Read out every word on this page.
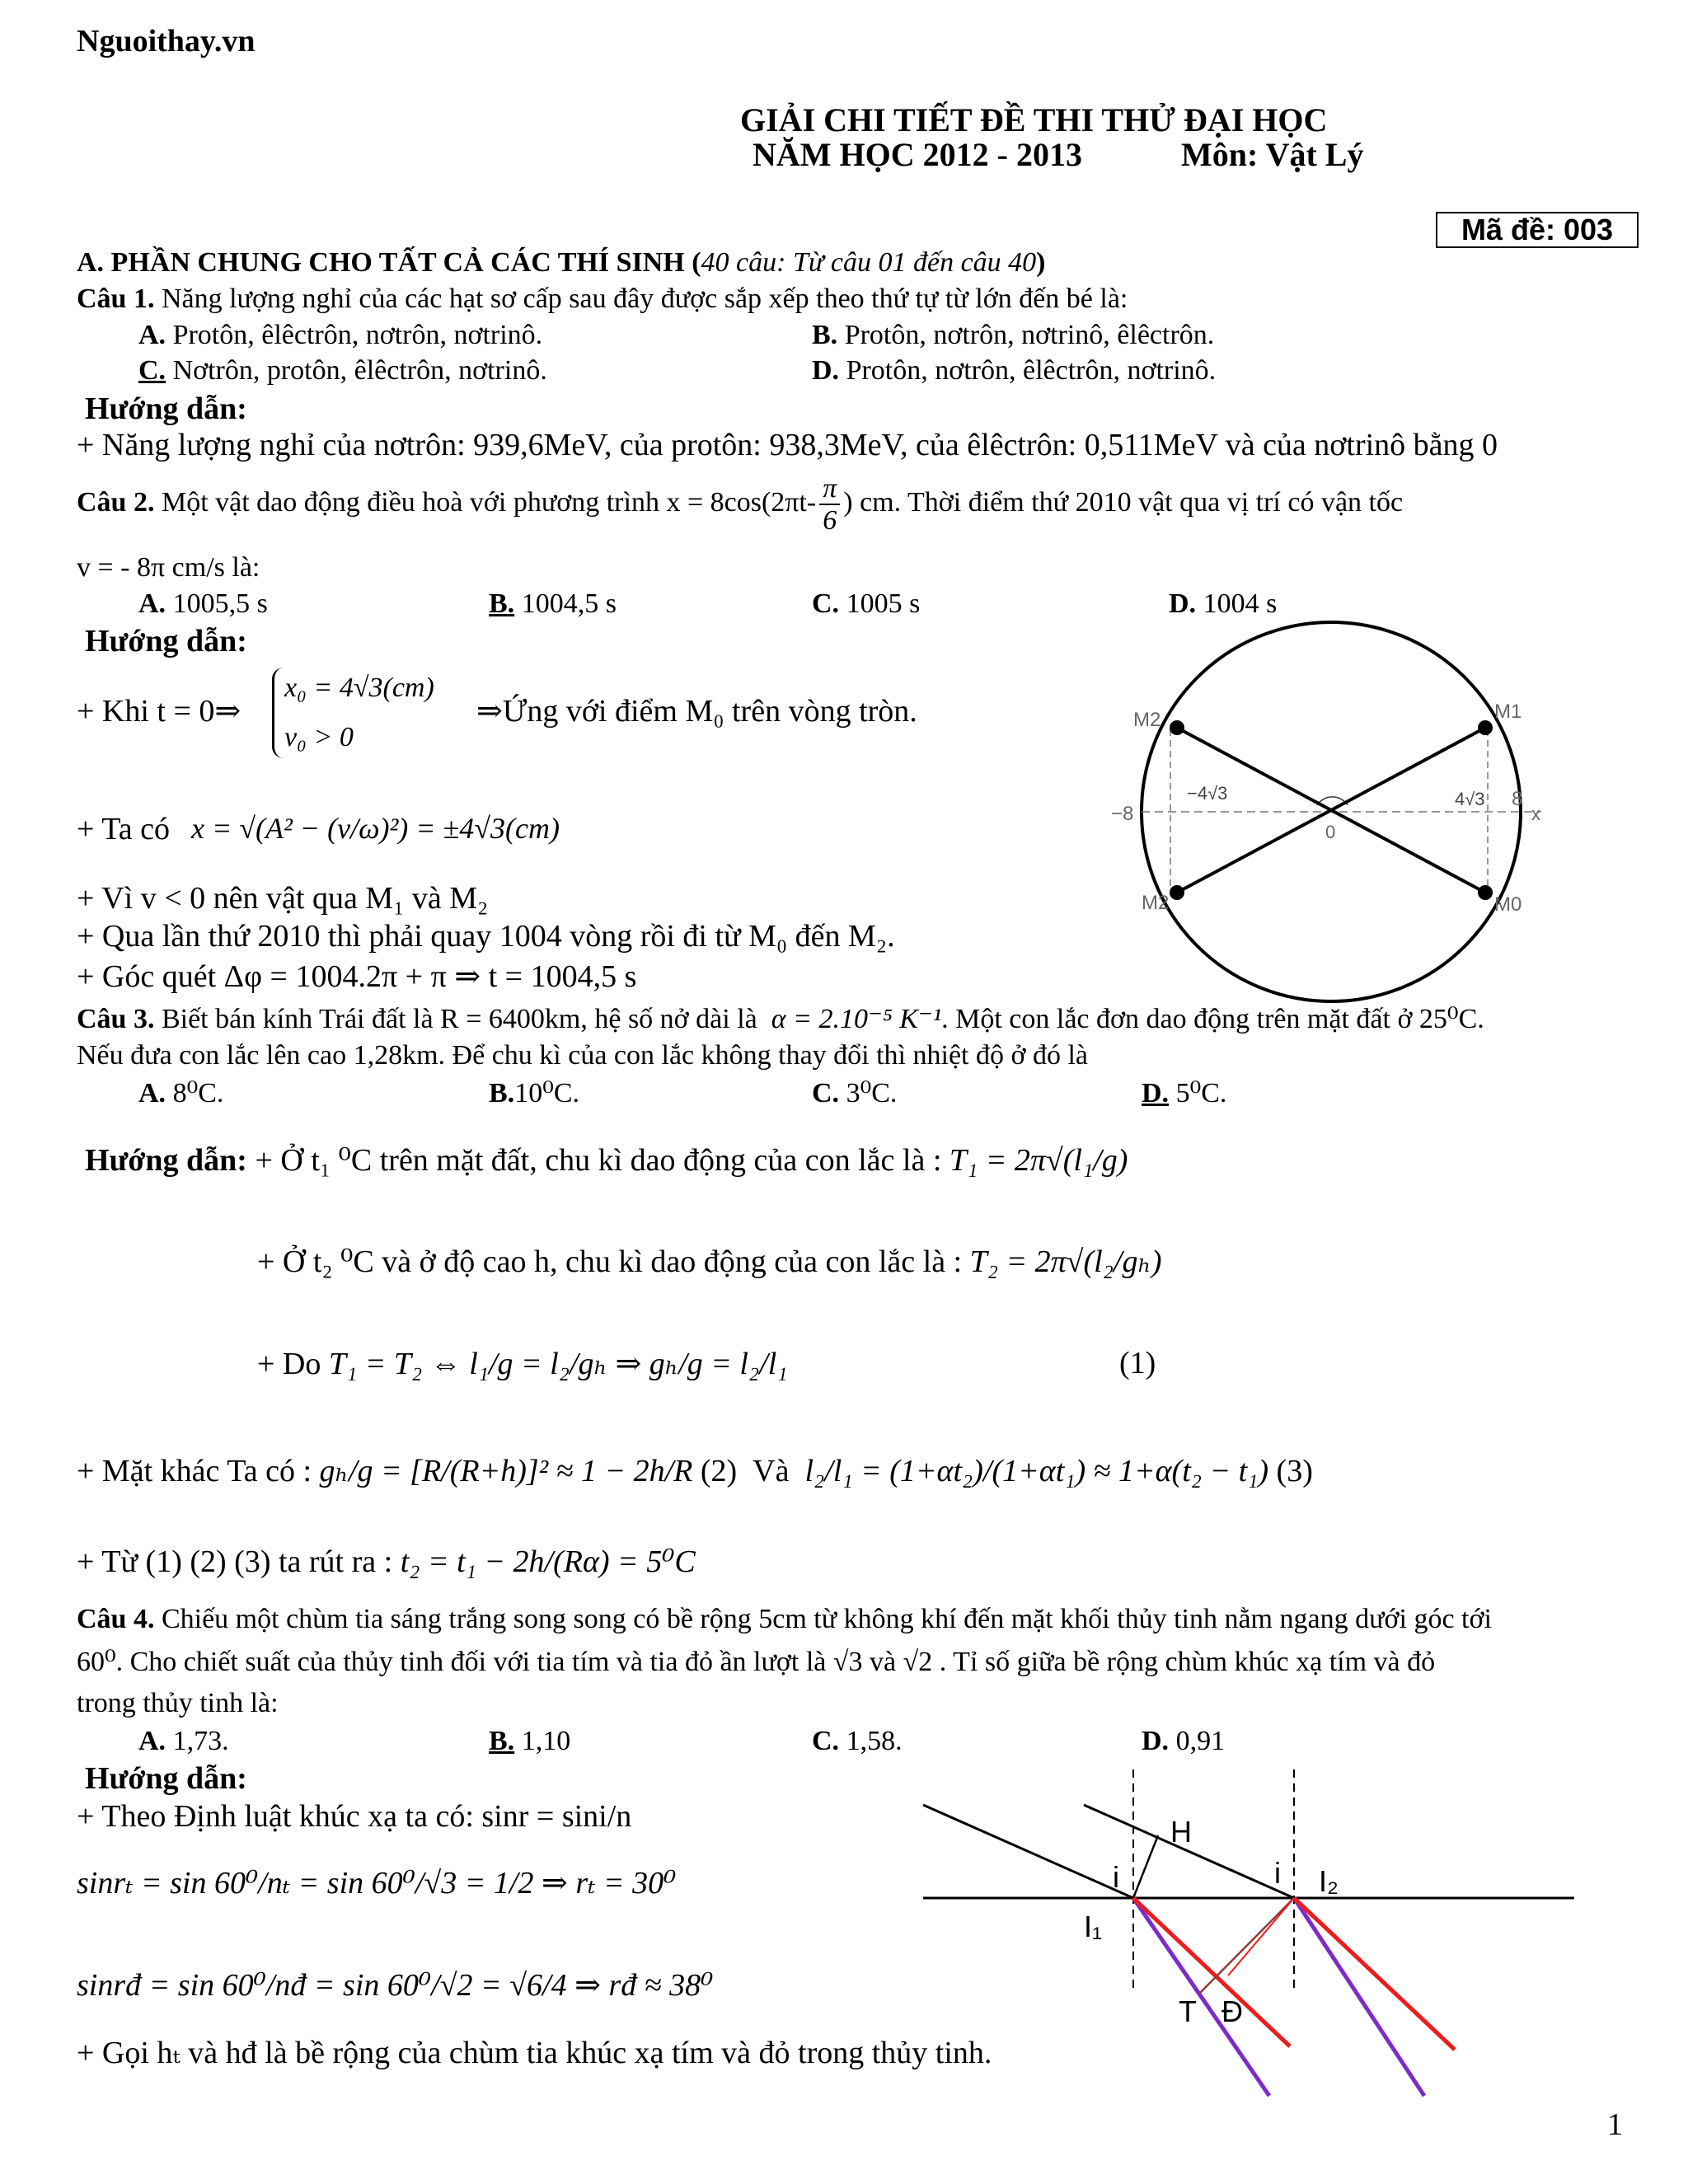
Nguoithay.vn
GIẢI CHI TIẾT ĐỀ THI THỬ ĐẠI HỌC
NĂM HỌC 2012 - 2013	Môn: Vật Lý
Mã đề: 003
A. PHẦN CHUNG CHO TẤT CẢ CÁC THÍ SINH (40 câu: Từ câu 01 đến câu 40)
Câu 1. Năng lượng nghỉ của các hạt sơ cấp sau đây được sắp xếp theo thứ tự từ lớn đến bé là:
A. Protôn, êlêctrôn, nơtrôn, nơtrinô.	B. Protôn, nơtrôn, nơtrinô, êlêctrôn.
C. Nơtrôn, protôn, êlêctrôn, nơtrinô.	D. Protôn, nơtrôn, êlêctrôn, nơtrinô.
Hướng dẫn:
+ Năng lượng nghỉ của nơtrôn: 939,6MeV, của protôn: 938,3MeV, của êlêctrôn: 0,511MeV và của nơtrinô bằng 0
Câu 2. Một vật dao động điều hoà với phương trình $x = 8\cos(2\pi t- \frac{\pi}{6}$ ) cm. Thời điểm thứ 2010 vật qua vị trí có vận tốc
v = - 8π cm/s là:
A. 1005,5 s	B. 1004,5 s	C. 1005 s	D. 1004 s
Hướng dẫn:
+ Khi t = 0⇒
x₀ = 4√3(cm)
v₀ > 0
⇒Ứng với điểm M₀ trên vòng tròn.
+ Ta có x = √(A² − (v/ω)²) = ±4√3(cm)
+ Vì v < 0 nên vật qua M₁ và M₂
+ Qua lần thứ 2010 thì phải quay 1004 vòng rồi đi từ M₀ đến M₂.
+ Góc quét Δφ = 1004.2π + π ⇒ t = 1004,5 s
M2	M1
M2	M0
−8
8
x
0
−4√3	4√3
Câu 3. Biết bán kính Trái đất là R = 6400km, hệ số nở dài là α = 2.10⁻⁵ K⁻¹. Một con lắc đơn dao động trên mặt đất ở 25⁰C.
Nếu đưa con lắc lên cao 1,28km. Để chu kì của con lắc không thay đổi thì nhiệt độ ở đó là
A. 8⁰C.	B.10⁰C.	C. 3⁰C.	D. 5⁰C.
Hướng dẫn: + Ở t₁ ⁰C trên mặt đất, chu kì dao động của con lắc là : T₁ = 2π√(l₁/g)
+ Ở t₂ ⁰C và ở độ cao h, chu kì dao động của con lắc là : T₂ = 2π√(l₂/gₕ)
+ Do T₁ = T₂ ⇔ l₁/g = l₂/gₕ ⇒ gₕ/g = l₂/l₁	(1)
+ Mặt khác Ta có : gₕ/g = [R/(R+h)]² ≈ 1 − 2h/R (2) Và l₂/l₁ = (1+αt₂)/(1+αt₁) ≈ 1+α(t₂ − t₁) (3)
+ Từ (1) (2) (3) ta rút ra : t₂ = t₁ − 2h/(Rα) = 5⁰C
Câu 4. Chiếu một chùm tia sáng trắng song song có bề rộng 5cm từ không khí đến mặt khối thủy tinh nằm ngang dưới góc tới
60⁰. Cho chiết suất của thủy tinh đối với tia tím và tia đỏ ần lượt là √3 và √2 . Tỉ số giữa bề rộng chùm khúc xạ tím và đỏ
trong thủy tinh là:
A. 1,73.	B. 1,10	C. 1,58.	D. 0,91
Hướng dẫn:
+ Theo Định luật khúc xạ ta có: sinr = sini/n
sinrₜ = sin 60⁰/nₜ = sin 60⁰/√3 = 1/2 ⇒ rₜ = 30⁰
sinrđ = sin 60⁰/nđ = sin 60⁰/√2 = √6/4 ⇒ rđ ≈ 38⁰
+ Gọi hₜ và hđ là bề rộng của chùm tia khúc xạ tím và đỏ trong thủy tinh.
H
i	i
I₁
I₂
T Đ
1
